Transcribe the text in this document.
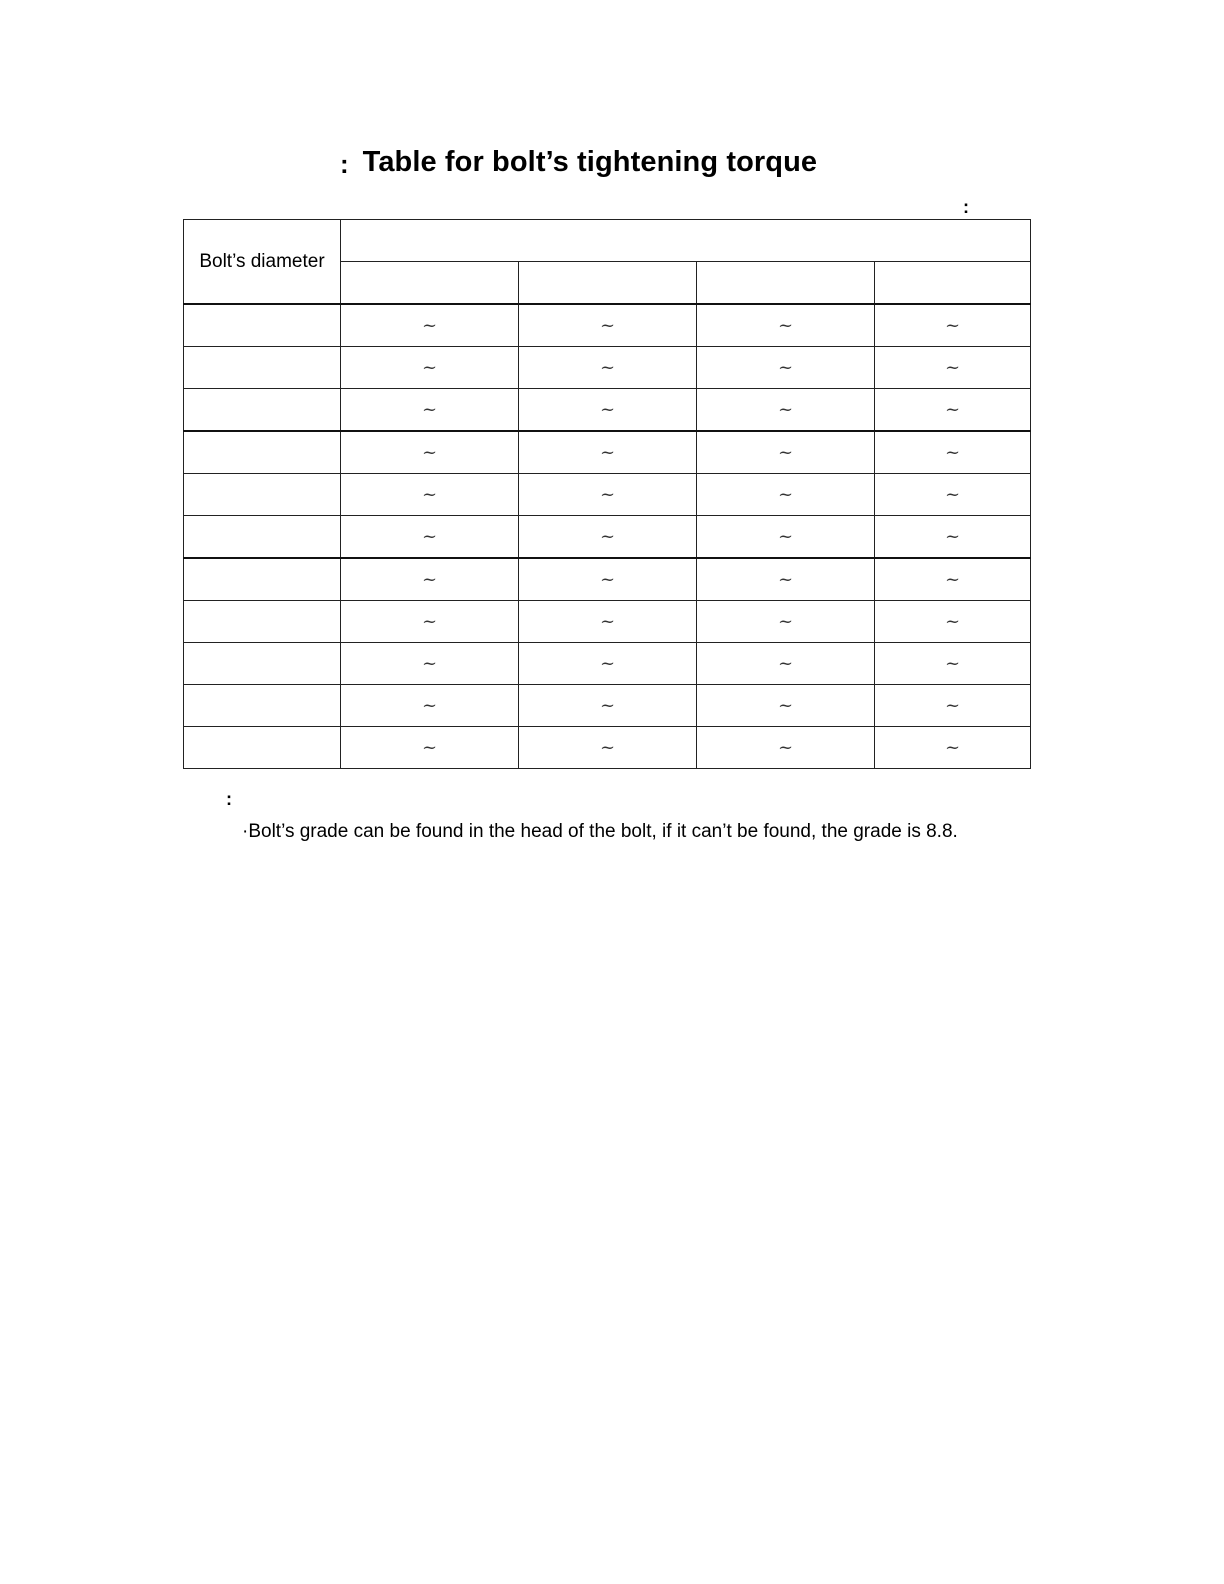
: Table for bolt’s tightening torque
:
Bolt’s diameter				

	~	~	~	~
	~	~	~	~
	~	~	~	~
	~	~	~	~
	~	~	~	~
	~	~	~	~
	~	~	~	~
	~	~	~	~
	~	~	~	~
	~	~	~	~
	~	~	~	~
:
·Bolt’s grade can be found in the head of the bolt, if it can’t be found, the grade is 8.8.
